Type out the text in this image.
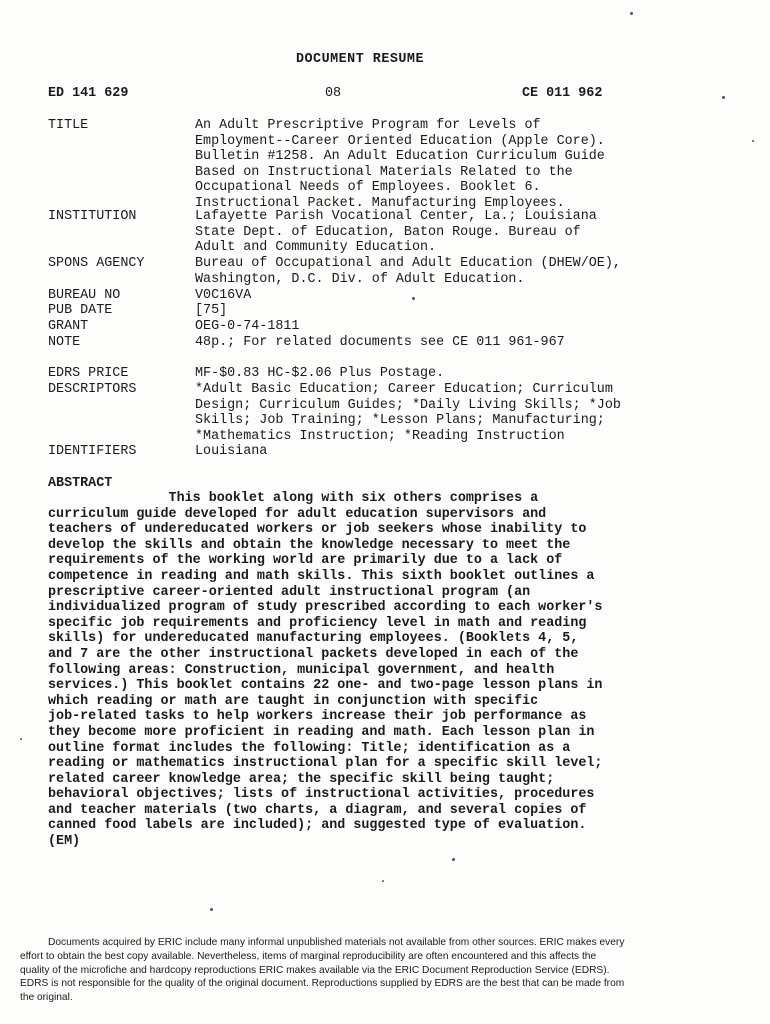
DOCUMENT RESUME
ED 141 629	08	CE 011 962
TITLE	An Adult Prescriptive Program for Levels of
Employment--Career Oriented Education (Apple Core).
Bulletin #1258. An Adult Education Curriculum Guide
Based on Instructional Materials Related to the
Occupational Needs of Employees. Booklet 6.
Instructional Packet. Manufacturing Employees.
INSTITUTION	Lafayette Parish Vocational Center, La.; Louisiana
State Dept. of Education, Baton Rouge. Bureau of
Adult and Community Education.
SPONS AGENCY	Bureau of Occupational and Adult Education (DHEW/OE),
Washington, D.C. Div. of Adult Education.
BUREAU NO	V0C16VA
PUB DATE	[75]
GRANT	OEG-0-74-1811
NOTE	48p.; For related documents see CE 011 961-967
EDRS PRICE	MF-$0.83 HC-$2.06 Plus Postage.
DESCRIPTORS	*Adult Basic Education; Career Education; Curriculum
Design; Curriculum Guides; *Daily Living Skills; *Job
Skills; Job Training; *Lesson Plans; Manufacturing;
*Mathematics Instruction; *Reading Instruction
IDENTIFIERS	Louisiana
ABSTRACT
This booklet along with six others comprises a
curriculum guide developed for adult education supervisors and
teachers of undereducated workers or job seekers whose inability to
develop the skills and obtain the knowledge necessary to meet the
requirements of the working world are primarily due to a lack of
competence in reading and math skills. This sixth booklet outlines a
prescriptive career-oriented adult instructional program (an
individualized program of study prescribed according to each worker's
specific job requirements and proficiency level in math and reading
skills) for undereducated manufacturing employees. (Booklets 4, 5,
and 7 are the other instructional packets developed in each of the
following areas: Construction, municipal government, and health
services.) This booklet contains 22 one- and two-page lesson plans in
which reading or math are taught in conjunction with specific
job-related tasks to help workers increase their job performance as
they become more proficient in reading and math. Each lesson plan in
outline format includes the following: Title; identification as a
reading or mathematics instructional plan for a specific skill level;
related career knowledge area; the specific skill being taught;
behavioral objectives; lists of instructional activities, procedures
and teacher materials (two charts, a diagram, and several copies of
canned food labels are included); and suggested type of evaluation.
(EM)
Documents acquired by ERIC include many informal unpublished materials not available from other sources. ERIC makes every
effort to obtain the best copy available. Nevertheless, items of marginal reproducibility are often encountered and this affects the
quality of the microfiche and hardcopy reproductions ERIC makes available via the ERIC Document Reproduction Service (EDRS).
EDRS is not responsible for the quality of the original document. Reproductions supplied by EDRS are the best that can be made from
the original.
